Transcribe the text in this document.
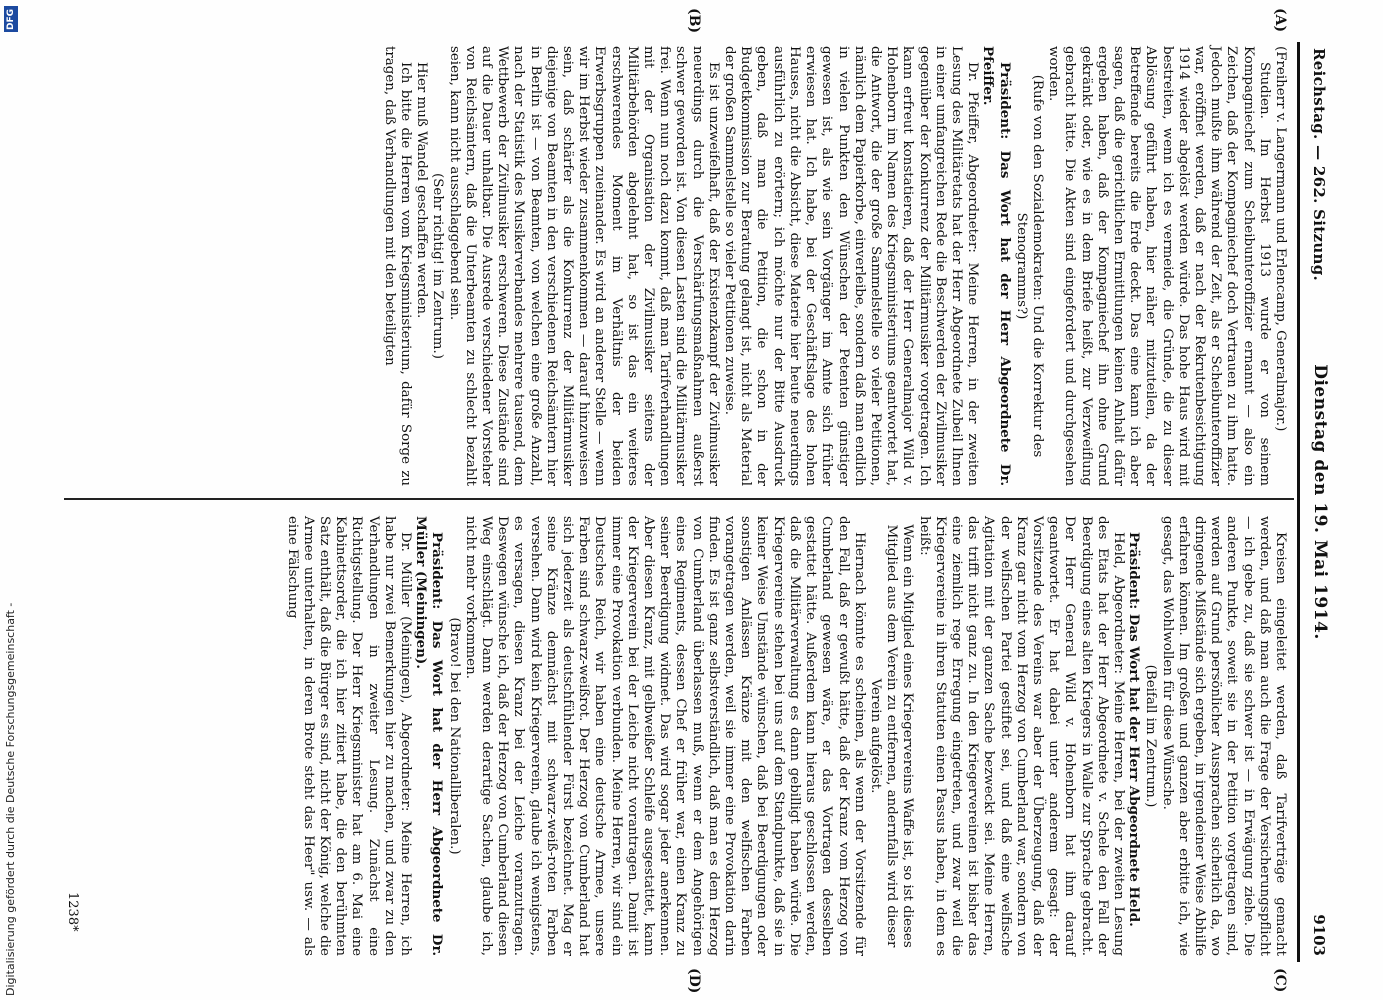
Reichstag. — 262. Sitzung.
Dienstag den 19. Mai 1914.
9103
(A)
(B)
(C)
(D)

(Freiherr v. Langermann und Erlencamp, Generalmajor.)

Studien. Im Herbst 1913 wurde er von seinem Kompagniechef zum Scheibunteroffizier ernannt — also ein Zeichen, daß der Kompagniechef doch Vertrauen zu ihm hatte. Jedoch mußte ihm während der Zeit, als er Scheibunteroffizier war, eröffnet werden, daß er nach der Rekrutenbesichtigung 1914 wieder abgelöst werden würde. Das hohe Haus wird mit bestreiten, wenn ich es vermeide, die Gründe, die zu dieser Ablösung geführt haben, hier näher mitzuteilen, da der Betreffende bereits die Erde deckt. Das eine kann ich aber sagen, daß die gerichtlichen Ermittlungen keinen Anhalt dafür ergeben haben, daß der Kompagniechef ihn ohne Grund gekränkt oder, wie es in dem Briefe heißt, zur Verzweiflung gebracht hätte. Die Akten sind eingefordert und durchgesehen worden.

(Rufe von den Sozialdemokraten: Und die Korrektur des Stenogramms?)

Präsident: Das Wort hat der Herr Abgeordnete Dr. Pfeiffer.

Dr. Pfeiffer, Abgeordneter: Meine Herren, in der zweiten Lesung des Militäretats hat der Herr Abgeordnete Zubeil Ihnen in einer umfangreichen Rede die Beschwerden der Zivilmusiker gegenüber der Konkurrenz der Militärmusiker vorgetragen. Ich kann erfreut konstatieren, daß der Herr Generalmajor Wild v. Hohenborn im Namen des Kriegsministeriums geantwortet hat, die Antwort, die der große Sammelstelle so vieler Petitionen, nämlich dem Papierkorbe, einverleibe, sondern daß man endlich in vielen Punkten den Wünschen der Petenten günstiger gewesen ist, als wie sein Vorgänger im Amte sich früher erwiesen hat. Ich habe, bei der Geschäftslage des hohen Hauses, nicht die Absicht, diese Materie hier heute neuerdings ausführlich zu erörtern; ich möchte nur der Bitte Ausdruck geben, daß man die Petition, die schon in der Budgetkommission zur Beratung gelangt ist, nicht als Material der großen Sammelstelle so vieler Petitionen zuweise.

Es ist unzweifelhaft, daß der Existenzkampf der Zivilmusiker neuerdings durch die Verschärfungsmaßnahmen außerst schwer geworden ist. Von diesen Lasten sind die Militärmusiker frei. Wenn nun noch dazu kommt, daß man Tarifverhandlungen mit der Organisation der Zivilmusiker seitens der Militärbehörden abgelehnt hat, so ist das ein weiteres erschwerendes Moment im Verhältnis der beiden Erwerbsgruppen zueinander. Es wird an anderer Stelle — wenn wir im Herbst wieder zusammenkommen — darauf hinzuweisen sein, daß schärfer als die Konkurrenz der Militärmusiker diejenige von Beamten in den verschiedenen Reichsämtern hier in Berlin ist — von Beamten, von welchen eine große Anzahl, nach der Statistik des Musikerverbandes mehrere tausend, dem Wettbewerb der Zivilmusiker erschweren. Diese Zustände sind auf die Dauer unhaltbar. Die Ausrede verschiedener Vorsteher von Reichsämtern, daß die Unterbeamten zu schlecht bezahlt seien, kann nicht ausschlaggebend sein.

(Sehr richtig! im Zentrum.)

Hier muß Wandel geschaffen werden.

Ich bitte die Herren vom Kriegsministerium, dafür Sorge zu tragen, daß Verhandlungen mit den beteiligten

Kreisen eingeleitet werden, daß Tarifverträge gemacht werden, und daß man auch die Frage der Versicherungspflicht — ich gebe zu, daß sie schwer ist — in Erwägung ziehe. Die anderen Punkte, soweit sie in der Petition vorgetragen sind, werden auf Grund persönlicher Aussprachen sicherlich da, wo dringende Mißstände sich ergeben, in irgendeiner Weise Abhilfe erfahren können. Im großen und ganzen aber erbitte ich, wie gesagt, das Wohlwollen für diese Wünsche.

(Beifall im Zentrum.)

Präsident: Das Wort hat der Herr Abgeordnete Held.

Held, Abgeordneter: Meine Herren, bei der zweiten Lesung des Etats hat der Herr Abgeordnete v. Schele den Fall der Beerdigung eines alten Kriegers in Walle zur Sprache gebracht. Der Herr General Wild v. Hohenborn hat ihm darauf geantwortet. Er hat dabei unter anderem gesagt: der Vorsitzende des Vereins war aber der Überzeugung, daß der Kranz gar nicht vom Herzog von Cumberland war, sondern von der welfischen Partei gestiftet sei, und daß eine welfische Agitation mit der ganzen Sache bezweckt sei. Meine Herren, das trifft nicht ganz zu. In den Kriegervereinen ist bisher das eine ziemlich rege Erregung eingetreten, und zwar weil die Kriegervereine in ihren Statuten einen Passus haben, in dem es heißt:

Wenn ein Mitglied eines Kriegervereins Waffe ist, so ist dieses Mitglied aus dem Verein zu entfernen, andernfalls wird dieser Verein aufgelöst.

Hiernach könnte es scheinen, als wenn der Vorsitzende für den Fall, daß er gewußt hätte, daß der Kranz vom Herzog von Cumberland gewesen wäre, er das Vortragen desselben gestattet hätte. Außerdem kann hieraus geschlossen werden, daß die Militärverwaltung es dann gebilligt haben würde. Die Kriegervereine stehen bei uns auf dem Standpunkte, daß sie in keiner Weise Umstände wünschen, daß bei Beerdigungen oder sonstigen Anlässen Kränze mit den welfischen Farben vorangetragen werden, weil sie immer eine Provokation darin finden. Es ist ganz selbstverständlich, daß man es dem Herzog von Cumberland überlassen muß, wenn er dem Angehörigen eines Regiments, dessen Chef er früher war, einen Kranz zu seiner Beerdigung widmet. Das wird sogar jeder anerkennen. Aber diesen Kranz, mit gelbweißer Schleife ausgestattet, kann der Kriegerverein bei der Leiche nicht vorantragen. Damit ist immer eine Provokation verbunden. Meine Herren, wir sind ein Deutsches Reich, wir haben eine deutsche Armee, unsere Farben sind schwarz-weißrot. Der Herzog von Cumberland hat sich jederzeit als deutschfühlender Fürst bezeichnet. Mag er seine Kränze demnächst mit schwarz-weiß-roten Farben versehen. Dann wird kein Kriegerverein, glaube ich wenigstens, es versagen, diesen Kranz bei der Leiche voranzutragen. Deswegen wünsche ich, daß der Herzog von Cumberland diesen Weg einschlägt. Dann werden derartige Sachen, glaube ich, nicht mehr vorkommen.

(Bravo! bei den Nationalliberalen.)

Präsident: Das Wort hat der Herr Abgeordnete Dr. Müller (Meiningen).

Dr. Müller (Meiningen), Abgeordneter: Meine Herren, ich habe nur zwei Bemerkungen hier zu machen, und zwar zu den Verhandlungen in zweiter Lesung. Zunächst eine Richtigstellung. Der Herr Kriegsminister hat am 6. Mai eine Kabinettsorder, die ich hier zitiert habe, die den berühmten Satz enthält, daß die Bürger es sind, nicht der König, welche die Armee unterhalten, in deren Brote steht das Heer" usw. — als eine Fälschung

1238*
Digitalisierung gefördert durch die Deutsche Forschungsgemeinschaft -
DFG
